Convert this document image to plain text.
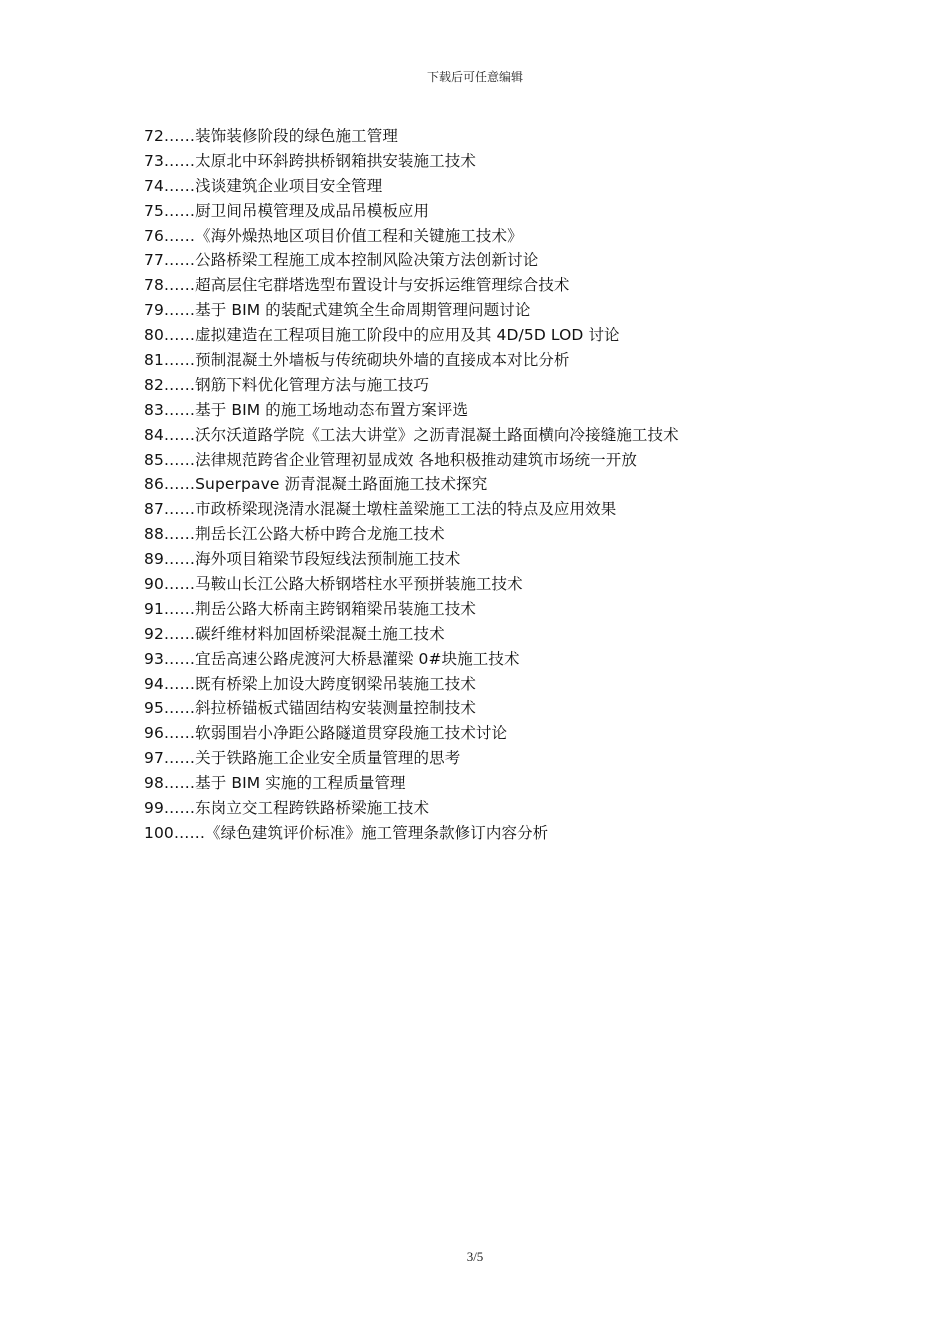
下载后可任意编辑
72……装饰装修阶段的绿色施工管理
73……太原北中环斜跨拱桥钢箱拱安装施工技术
74……浅谈建筑企业项目安全管理
75……厨卫间吊模管理及成品吊模板应用
76……《海外燥热地区项目价值工程和关键施工技术》
77……公路桥梁工程施工成本控制风险决策方法创新讨论
78……超高层住宅群塔选型布置设计与安拆运维管理综合技术
79……基于 BIM 的装配式建筑全生命周期管理问题讨论
80……虚拟建造在工程项目施工阶段中的应用及其 4D/5D LOD 讨论
81……预制混凝土外墙板与传统砌块外墙的直接成本对比分析
82……钢筋下料优化管理方法与施工技巧
83……基于 BIM 的施工场地动态布置方案评选
84……沃尔沃道路学院《工法大讲堂》之沥青混凝土路面横向冷接缝施工技术
85……法律规范跨省企业管理初显成效 各地积极推动建筑市场统一开放
86……Superpave 沥青混凝土路面施工技术探究
87……市政桥梁现浇清水混凝土墩柱盖梁施工工法的特点及应用效果
88……荆岳长江公路大桥中跨合龙施工技术
89……海外项目箱梁节段短线法预制施工技术
90……马鞍山长江公路大桥钢塔柱水平预拼装施工技术
91……荆岳公路大桥南主跨钢箱梁吊装施工技术
92……碳纤维材料加固桥梁混凝土施工技术
93……宜岳高速公路虎渡河大桥悬灌梁 0#块施工技术
94……既有桥梁上加设大跨度钢梁吊装施工技术
95……斜拉桥锚板式锚固结构安装测量控制技术
96……软弱围岩小净距公路隧道贯穿段施工技术讨论
97……关于铁路施工企业安全质量管理的思考
98……基于 BIM 实施的工程质量管理
99……东岗立交工程跨铁路桥梁施工技术
100……《绿色建筑评价标准》施工管理条款修订内容分析
3/5
